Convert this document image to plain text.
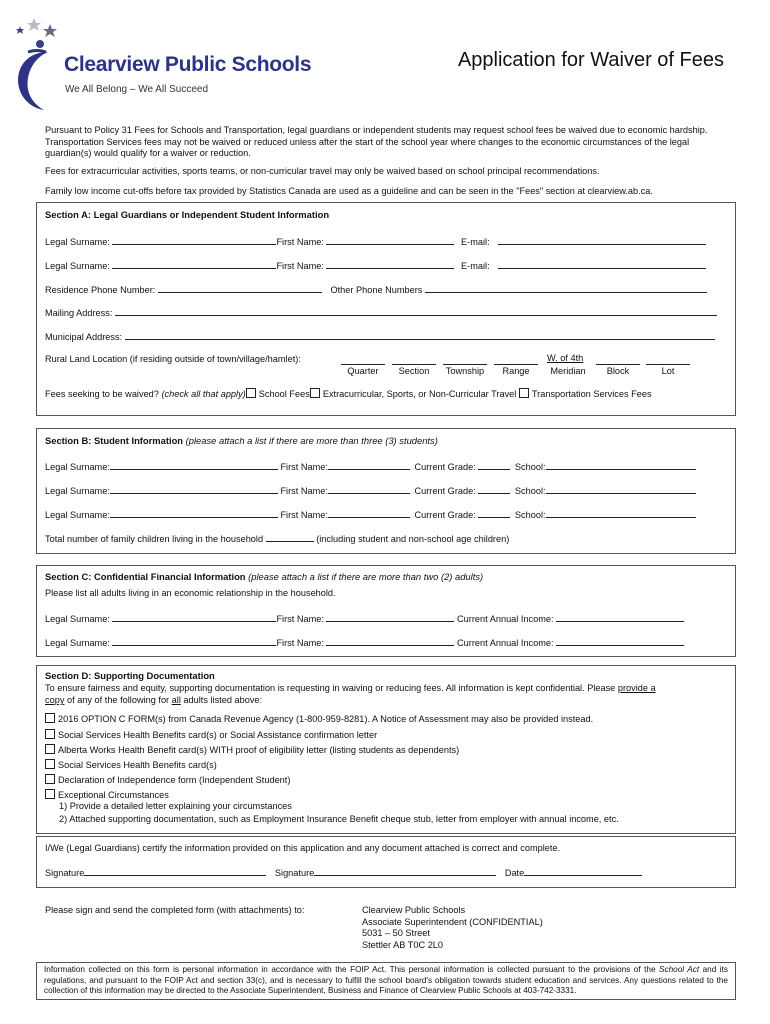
Clearview Public Schools
We All Belong – We All Succeed
Application for Waiver of Fees
Pursuant to Policy 31 Fees for Schools and Transportation, legal guardians or independent students may request school fees be waived due to economic hardship. Transportation Services fees may not be waived or reduced unless after the start of the school year where changes to the economic circumstances of the legal guardian(s) would qualify for a waiver or reduction.
Fees for extracurricular activities, sports teams, or non-curricular travel may only be waived based on school principal recommendations.
Family low income cut-offs before tax provided by Statistics Canada are used as a guideline and can be seen in the "Fees" section at clearview.ab.ca.
Section A: Legal Guardians or Independent Student Information
Legal Surname:	First Name:	E-mail:
Legal Surname:	First Name:	E-mail:
Residence Phone Number:	Other Phone Numbers
Mailing Address:
Municipal Address:
Rural Land Location (if residing outside of town/village/hamlet):	W. of 4th
Quarter	Section	Township	Range	Meridian	Block	Lot
Fees seeking to be waived? (check all that apply) School Fees Extracurricular, Sports, or Non-Curricular Travel Transportation Services Fees
Section B: Student Information (please attach a list if there are more than three (3) students)
Legal Surname:	First Name:	Current Grade:	School:
Legal Surname:	First Name:	Current Grade:	School:
Legal Surname:	First Name:	Current Grade:	School:
Total number of family children living in the household	(including student and non-school age children)
Section C: Confidential Financial Information (please attach a list if there are more than two (2) adults)
Please list all adults living in an economic relationship in the household.
Legal Surname:	First Name:	Current Annual Income:
Legal Surname:	First Name:	Current Annual Income:
Section D: Supporting Documentation
To ensure fairness and equity, supporting documentation is requesting in waiving or reducing fees. All information is kept confidential. Please provide a
copy of any of the following for all adults listed above:
2016 OPTION C FORM(s) from Canada Revenue Agency (1-800-959-8281). A Notice of Assessment may also be provided instead.
Social Services Health Benefits card(s) or Social Assistance confirmation letter
Alberta Works Health Benefit card(s) WITH proof of eligibility letter (listing students as dependents)
Social Services Health Benefits card(s)
Declaration of Independence form (Independent Student)
Exceptional Circumstances
1) Provide a detailed letter explaining your circumstances
2) Attached supporting documentation, such as Employment Insurance Benefit cheque stub, letter from employer with annual income, etc.
I/We (Legal Guardians) certify the information provided on this application and any document attached is correct and complete.
Signature	Signature	Date
Please sign and send the completed form (with attachments) to:	Clearview Public Schools
Associate Superintendent (CONFIDENTIAL)
5031 – 50 Street
Stettler AB T0C 2L0
Information collected on this form is personal information in accordance with the FOIP Act. This personal information is collected pursuant to the provisions of the School Act and its regulations, and pursuant to the FOIP Act and section 33(c), and is necessary to fulfill the school board's obligation towards student education and services. Any questions related to the collection of this information may be directed to the Associate Superintendent, Business and Finance of Clearview Public Schools at 403-742-3331.
